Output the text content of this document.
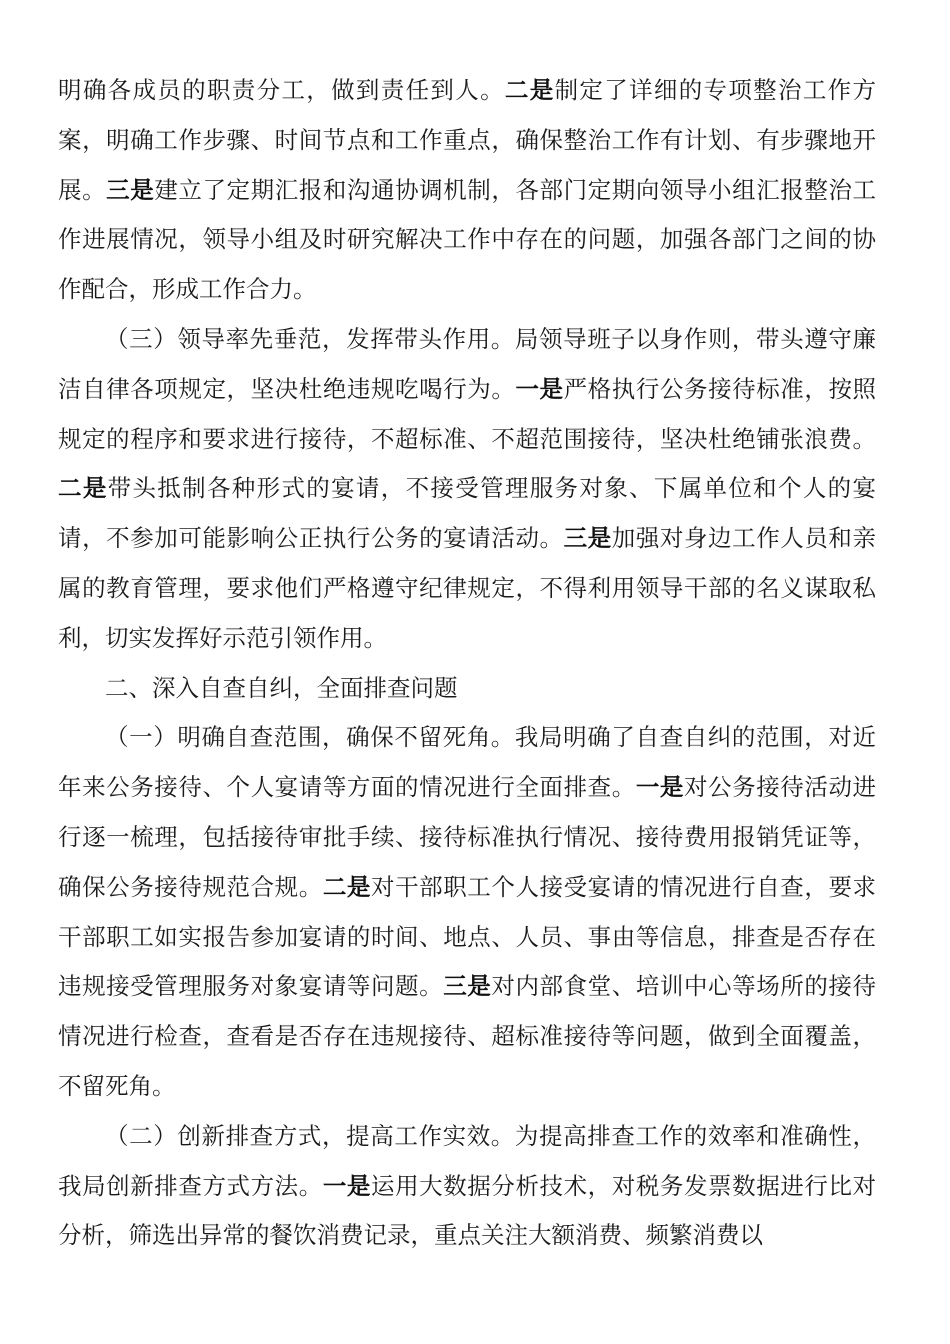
明确各成员的职责分工，做到责任到人。二是制定了详细的专项整治工作方案，明确工作步骤、时间节点和工作重点，确保整治工作有计划、有步骤地开展。三是建立了定期汇报和沟通协调机制，各部门定期向领导小组汇报整治工作进展情况，领导小组及时研究解决工作中存在的问题，加强各部门之间的协作配合，形成工作合力。

（三）领导率先垂范，发挥带头作用。局领导班子以身作则，带头遵守廉洁自律各项规定，坚决杜绝违规吃喝行为。一是严格执行公务接待标准，按照规定的程序和要求进行接待，不超标准、不超范围接待，坚决杜绝铺张浪费。二是带头抵制各种形式的宴请，不接受管理服务对象、下属单位和个人的宴请，不参加可能影响公正执行公务的宴请活动。三是加强对身边工作人员和亲属的教育管理，要求他们严格遵守纪律规定，不得利用领导干部的名义谋取私利，切实发挥好示范引领作用。

二、深入自查自纠，全面排查问题

（一）明确自查范围，确保不留死角。我局明确了自查自纠的范围，对近年来公务接待、个人宴请等方面的情况进行全面排查。一是对公务接待活动进行逐一梳理，包括接待审批手续、接待标准执行情况、接待费用报销凭证等，确保公务接待规范合规。二是对干部职工个人接受宴请的情况进行自查，要求干部职工如实报告参加宴请的时间、地点、人员、事由等信息，排查是否存在违规接受管理服务对象宴请等问题。三是对内部食堂、培训中心等场所的接待情况进行检查，查看是否存在违规接待、超标准接待等问题，做到全面覆盖，不留死角。

（二）创新排查方式，提高工作实效。为提高排查工作的效率和准确性，我局创新排查方式方法。一是运用大数据分析技术，对税务发票数据进行比对分析，筛选出异常的餐饮消费记录，重点关注大额消费、频繁消费以
